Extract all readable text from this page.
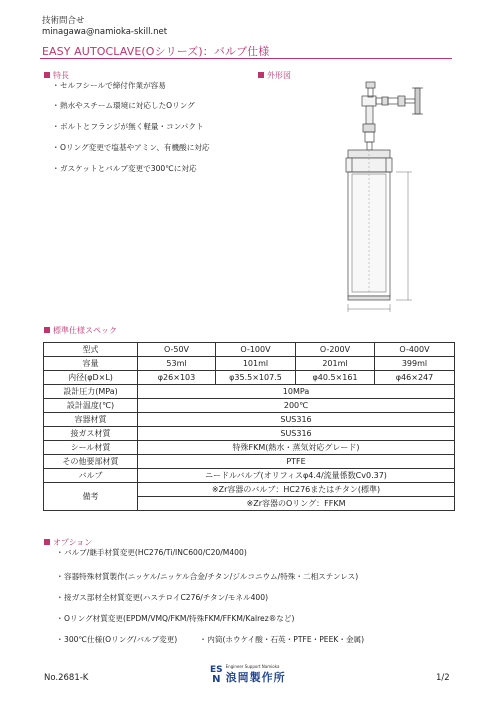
技術問合せ
minagawa@namioka-skill.net
EASY AUTOCLAVE(Oシリーズ)：バルブ仕様
特長
・セルフシールで締付作業が容易
・熱水やスチーム環境に対応したOリング
・ボルトとフランジが無く軽量・コンパクト
・Oリング変更で塩基やアミン、有機酸に対応
・ガスケットとバルブ変更で300℃に対応
外形図
標準仕様スペック
型式	O-50V	O-100V	O-200V	O-400V
容量	53ml	101ml	201ml	399ml
内径(φD×L)	φ26×103	φ35.5×107.5	φ40.5×161	φ46×247
設計圧力(MPa)	10MPa			
設計温度(℃)	200℃			
容器材質	SUS316			
接ガス材質	SUS316			
シール材質	特殊FKM(熱水・蒸気対応グレード)			
その他要部材質	PTFE			
バルブ	ニードルバルブ(オリフィスφ4.4/流量係数Cv0.37)			
備考	※Zr容器のバルブ：HC276またはチタン(標準)			
	※Zr容器のOリング：FFKM			
オプション
・バルブ/継手材質変更(HC276/Ti/INC600/C20/M400)
・容器特殊材質製作(ニッケル/ニッケル合金/チタン/ジルコニウム/特殊・二相ステンレス)
・接ガス部材全材質変更(ハステロイC276/チタン/モネル400)
・Oリング材質変更(EPDM/VMQ/FKM/特殊FKM/FFKM/Kalrez®など)
・300℃仕様(Oリング/バルブ変更)	・内筒(ホウケイ酸・石英・PTFE・PEEK・金属)
No.2681-K
ES
N
Engineer Support Namioka
浪岡製作所	1/2
